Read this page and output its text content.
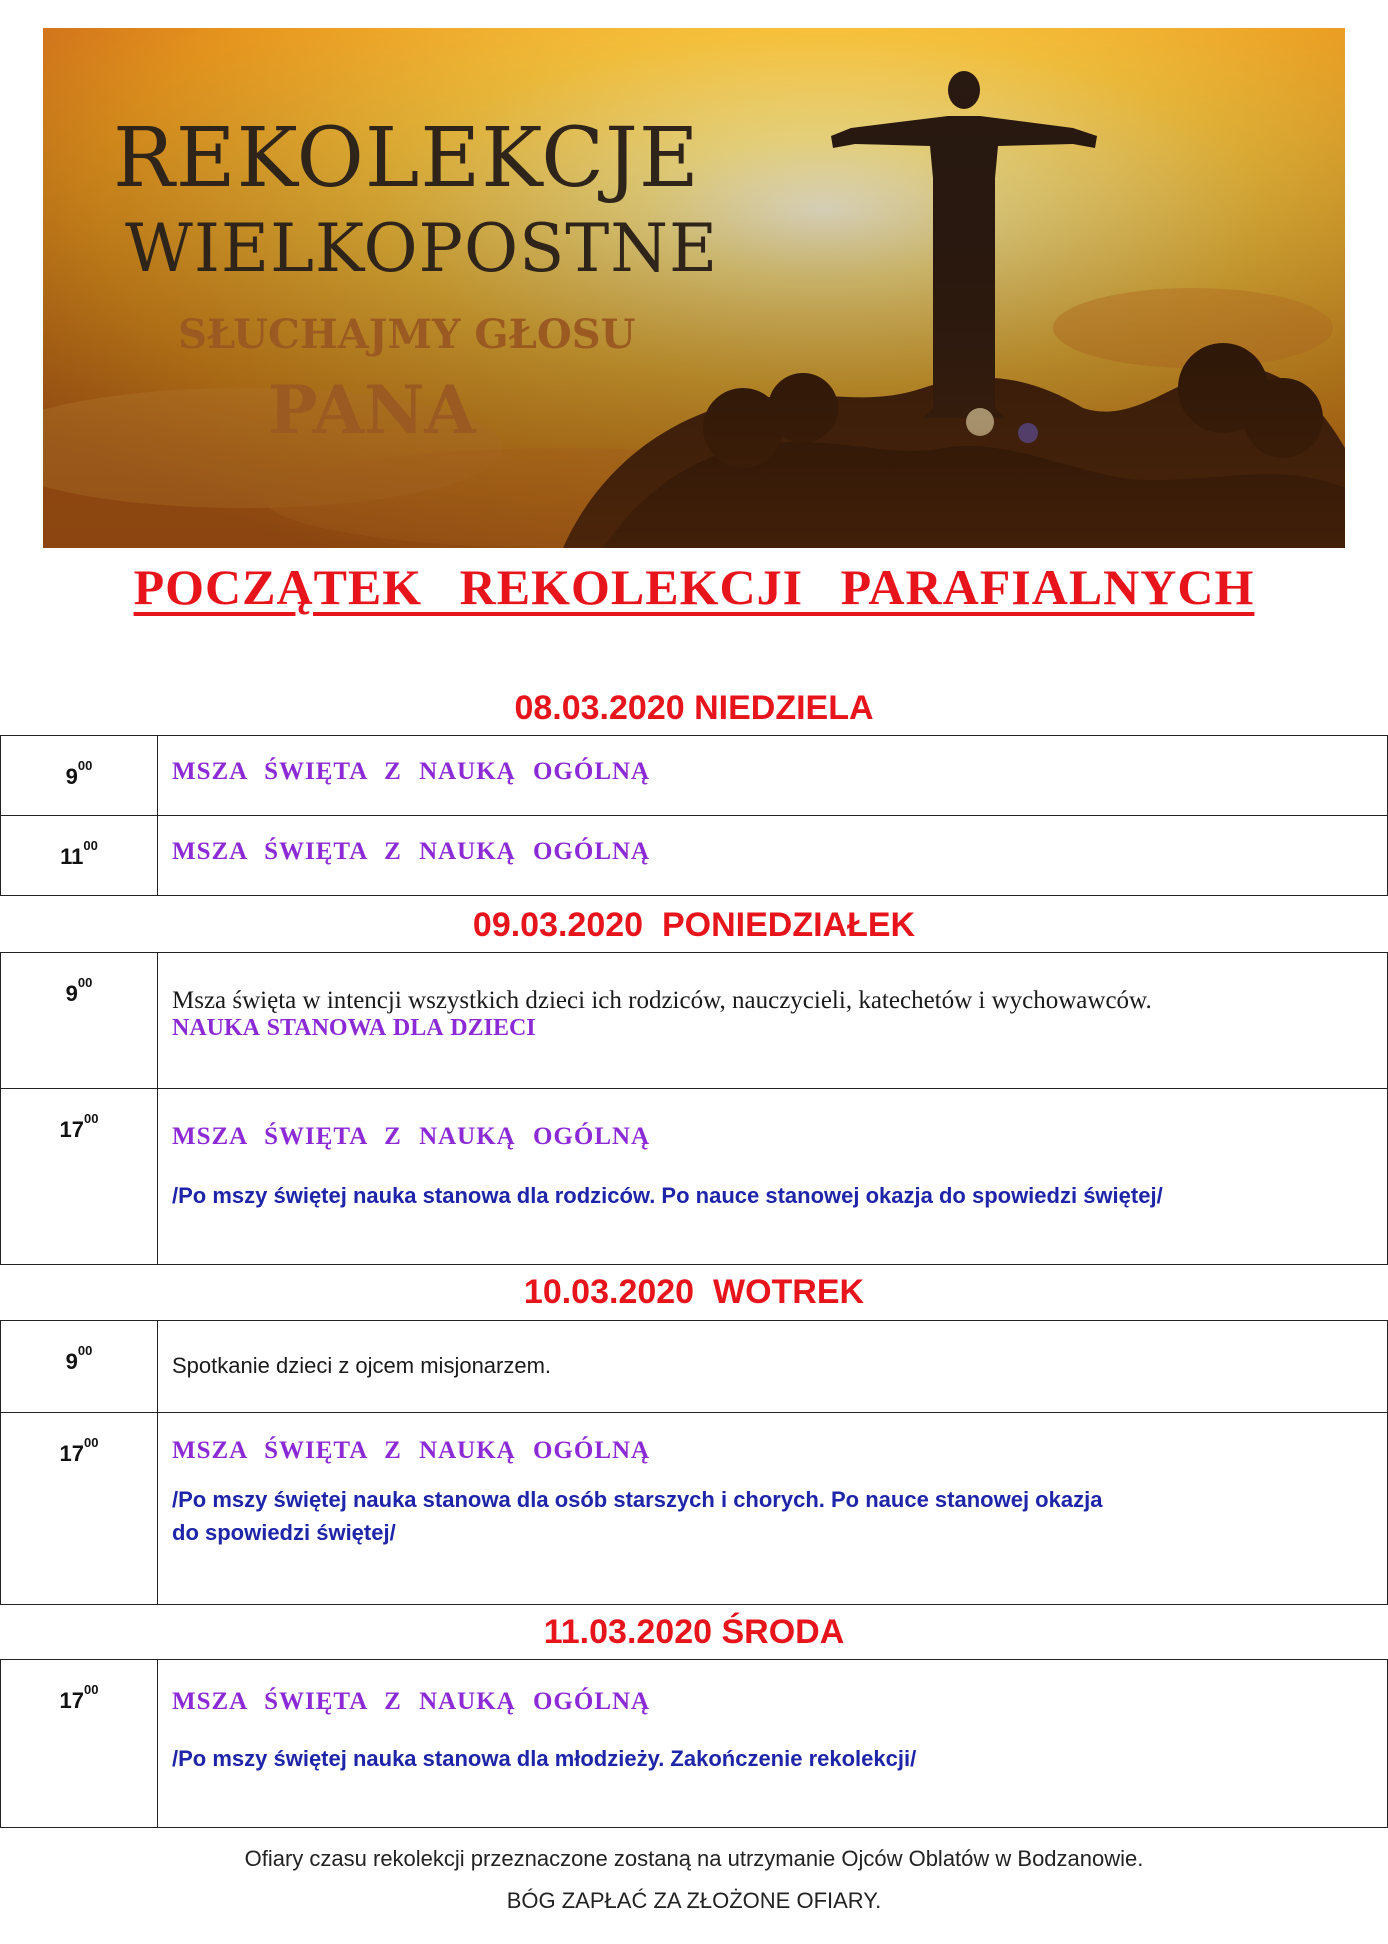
REKOLEKCJE
WIELKOPOSTNE
SŁUCHAJMY GŁOSU
PANA
POCZĄTEK REKOLEKCJI PARAFIALNYCH
08.03.2020 NIEDZIELA
$9^{00}$	MSZA ŚWIĘTA Z NAUKĄ OGÓLNĄ

$11^{00}$	MSZA ŚWIĘTA Z NAUKĄ OGÓLNĄ
09.03.2020  PONIEDZIAŁEK
$9^{00}$	Msza święta w intencji wszystkich dzieci ich rodziców, nauczycieli, katechetów i wychowawców.
NAUKA STANOWA DLA DZIECI

$17^{00}$	MSZA ŚWIĘTA Z NAUKĄ OGÓLNĄ
/Po mszy świętej nauka stanowa dla rodziców. Po nauce stanowej okazja do spowiedzi świętej/
10.03.2020  WOTREK
$9^{00}$	Spotkanie dzieci z ojcem misjonarzem.

$17^{00}$	MSZA ŚWIĘTA Z NAUKĄ OGÓLNĄ
/Po mszy świętej nauka stanowa dla osób starszych i chorych. Po nauce stanowej okazja
do spowiedzi świętej/
11.03.2020 ŚRODA
$17^{00}$	MSZA ŚWIĘTA Z NAUKĄ OGÓLNĄ
/Po mszy świętej nauka stanowa dla młodzieży. Zakończenie rekolekcji/
Ofiary czasu rekolekcji przeznaczone zostaną na utrzymanie Ojców Oblatów w Bodzanowie.
BÓG ZAPŁAĆ ZA ZŁOŻONE OFIARY.
